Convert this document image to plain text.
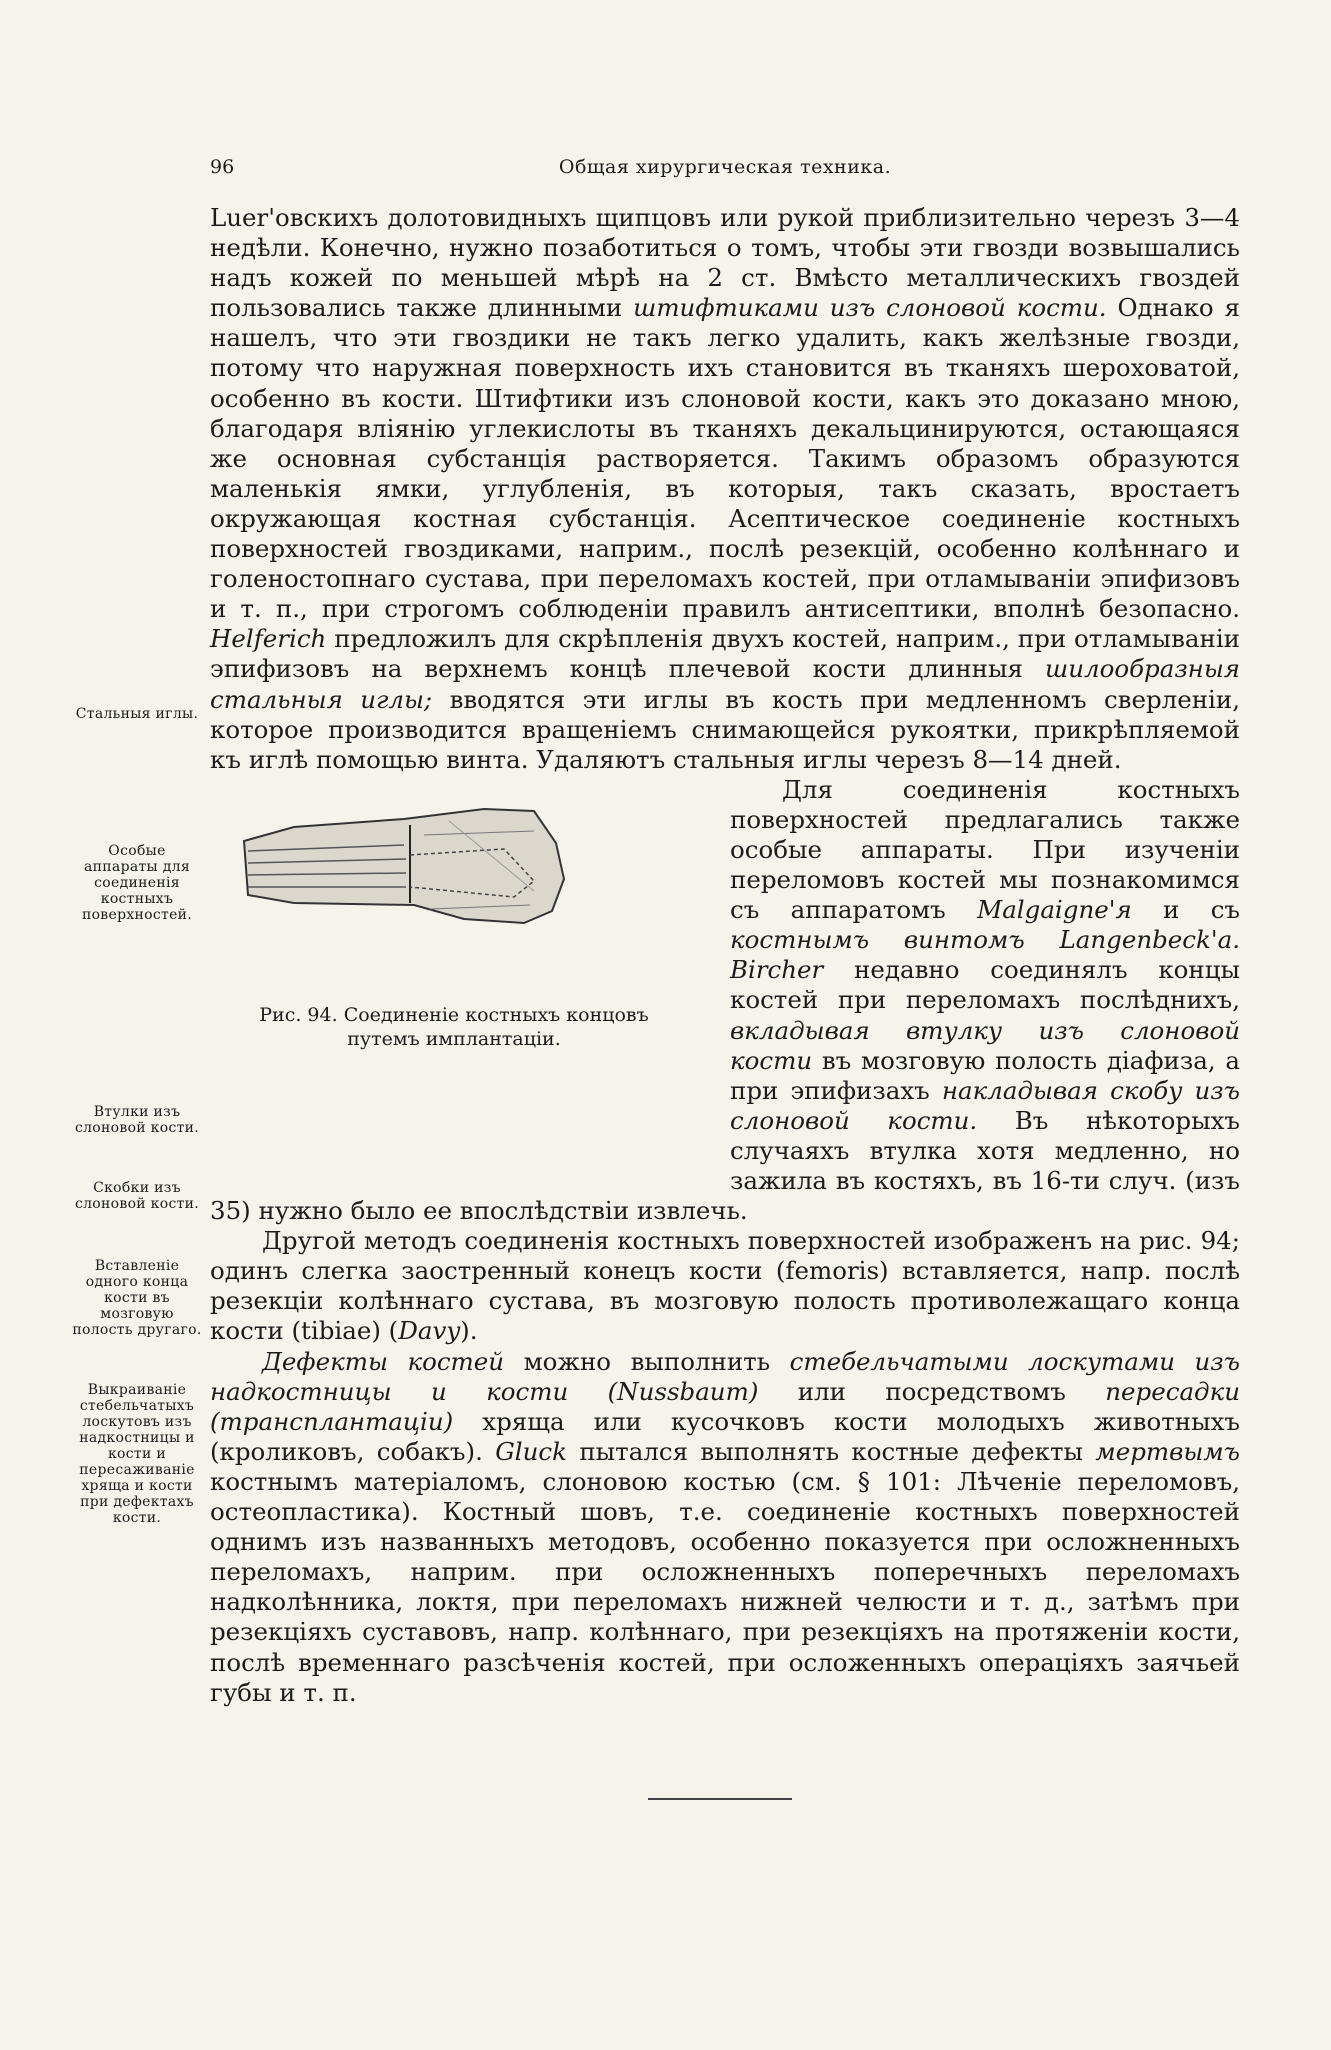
96	Общая хирургическая техника.
Стальныя иглы.
Особые аппараты для соединенія костныхъ поверхностей.
Втулки изъ слоновой кости.
Скобки изъ слоновой кости.
Вставленіе одного конца кости въ мозговую полость другаго.
Выкраиваніе стебельчатыхъ лоскутовъ изъ надкостницы и кости и пересаживаніе хряща и кости при дефектахъ кости.

Luer'овскихъ долотовидныхъ щипцовъ или рукой приблизительно черезъ 3—4 недѣли. Конечно, нужно позаботиться о томъ, чтобы эти гвозди возвышались надъ кожей по меньшей мѣрѣ на 2 ст. Вмѣсто металлическихъ гвоздей пользовались также длинными штифтиками изъ слоновой кости. Однако я нашелъ, что эти гвоздики не такъ легко удалить, какъ желѣзные гвозди, потому что наружная поверхность ихъ становится въ тканяхъ шероховатой, особенно въ кости. Штифтики изъ слоновой кости, какъ это доказано мною, благодаря вліянію углекислоты въ тканяхъ декальцинируются, остающаяся же основная субстанція растворяется. Такимъ образомъ образуются маленькія ямки, углубленія, въ которыя, такъ сказать, вростаетъ окружающая костная субстанція. Асептическое соединеніе костныхъ поверхностей гвоздиками, наприм., послѣ резекцій, особенно колѣннаго и голеностопнаго сустава, при переломахъ костей, при отламываніи эпифизовъ и т. п., при строгомъ соблюденіи правилъ антисептики, вполнѣ безопасно. Helferich предложилъ для скрѣпленія двухъ костей, наприм., при отламываніи эпифизовъ на верхнемъ концѣ плечевой кости длинныя шилообразныя стальныя иглы; вводятся эти иглы въ кость при медленномъ сверленіи, которое производится вращеніемъ снимающейся рукоятки, прикрѣпляемой къ иглѣ помощью винта. Удаляютъ стальныя иглы черезъ 8—14 дней.

Рис. 94. Соединеніе костныхъ концовъ
путемъ имплантаціи.

Для соединенія костныхъ поверхностей предлагались также особые аппараты. При изученіи переломовъ костей мы познакомимся съ аппаратомъ Malgaigne'я и съ костнымъ винтомъ Langenbeck'а. Bircher недавно соединялъ концы костей при переломахъ послѣднихъ, вкладывая втулку изъ слоновой кости въ мозговую полость діафиза, а при эпифизахъ накладывая скобу изъ слоновой кости. Въ нѣкоторыхъ случаяхъ втулка хотя медленно, но зажила въ костяхъ, въ 16-ти случ. (изъ 35) нужно было ее впослѣдствіи извлечь.

Другой методъ соединенія костныхъ поверхностей изображенъ на рис. 94; одинъ слегка заостренный конецъ кости (femoris) вставляется, напр. послѣ резекціи колѣннаго сустава, въ мозговую полость противолежащаго конца кости (tibiae) (Davy).

Дефекты костей можно выполнить стебельчатыми лоскутами изъ надкостницы и кости (Nussbaum) или посредствомъ пересадки (трансплантаціи) хряща или кусочковъ кости молодыхъ животныхъ (кроликовъ, собакъ). Gluck пытался выполнять костные дефекты мертвымъ костнымъ матеріаломъ, слоновою костью (см. § 101: Лѣченіе переломовъ, остеопластика). Костный шовъ, т.е. соединеніе костныхъ поверхностей однимъ изъ названныхъ методовъ, особенно показуется при осложненныхъ переломахъ, наприм. при осложненныхъ поперечныхъ переломахъ надколѣнника, локтя, при переломахъ нижней челюсти и т. д., затѣмъ при резекціяхъ суставовъ, напр. колѣннаго, при резекціяхъ на протяженіи кости, послѣ временнаго разсѣченія костей, при осложенныхъ операціяхъ заячьей губы и т. п.
